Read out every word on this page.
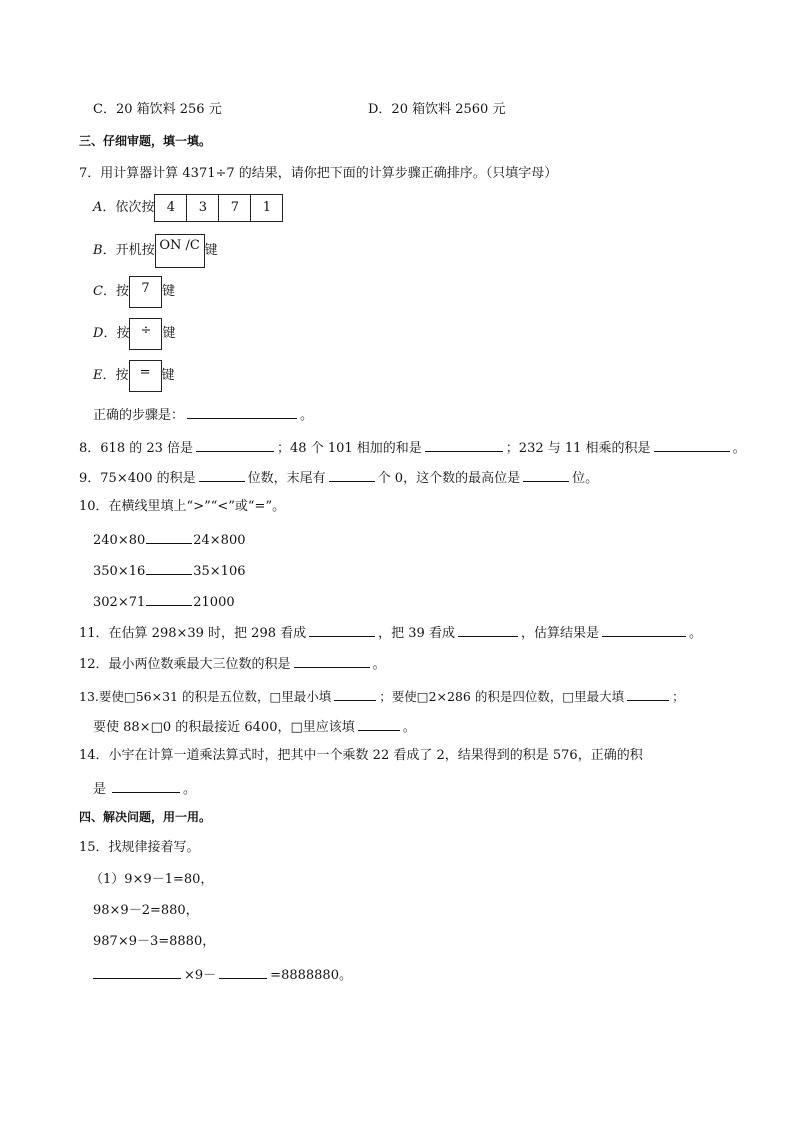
C．20 箱饮料 256 元	D．20 箱饮料 2560 元
三、仔细审题，填一填。
7．用计算器计算 4371÷7 的结果，请你把下面的计算步骤正确排序。（只填字母）
A．依次按 4 3 7 1
B．开机按 ON /C 键
C．按 7 键
D．按 ÷ 键
E．按 = 键
正确的步骤是：	。
8．618 的 23 倍是	；48 个 101 相加的和是	；232 与 11 相乘的积是	。
9．75×400 的积是	位数，末尾有	个 0，这个数的最高位是	位。
10．在横线里填上“>”“<”或“=”。
240×80	24×800
350×16	35×106
302×71	21000
11．在估算 298×39 时，把 298 看成	，把 39 看成	，估算结果是	。
12．最小两位数乘最大三位数的积是	。
13.要使□56×31 的积是五位数，□里最小填	；要使□2×286 的积是四位数，□里最大填	；
要使 88×□0 的积最接近 6400，□里应该填	。
14．小宇在计算一道乘法算式时，把其中一个乘数 22 看成了 2，结果得到的积是 576，正确的积
是	。
四、解决问题，用一用。
15．找规律接着写。
（1）9×9－1=80，
98×9－2=880，
987×9－3=8880，
×9－	=8888880。
